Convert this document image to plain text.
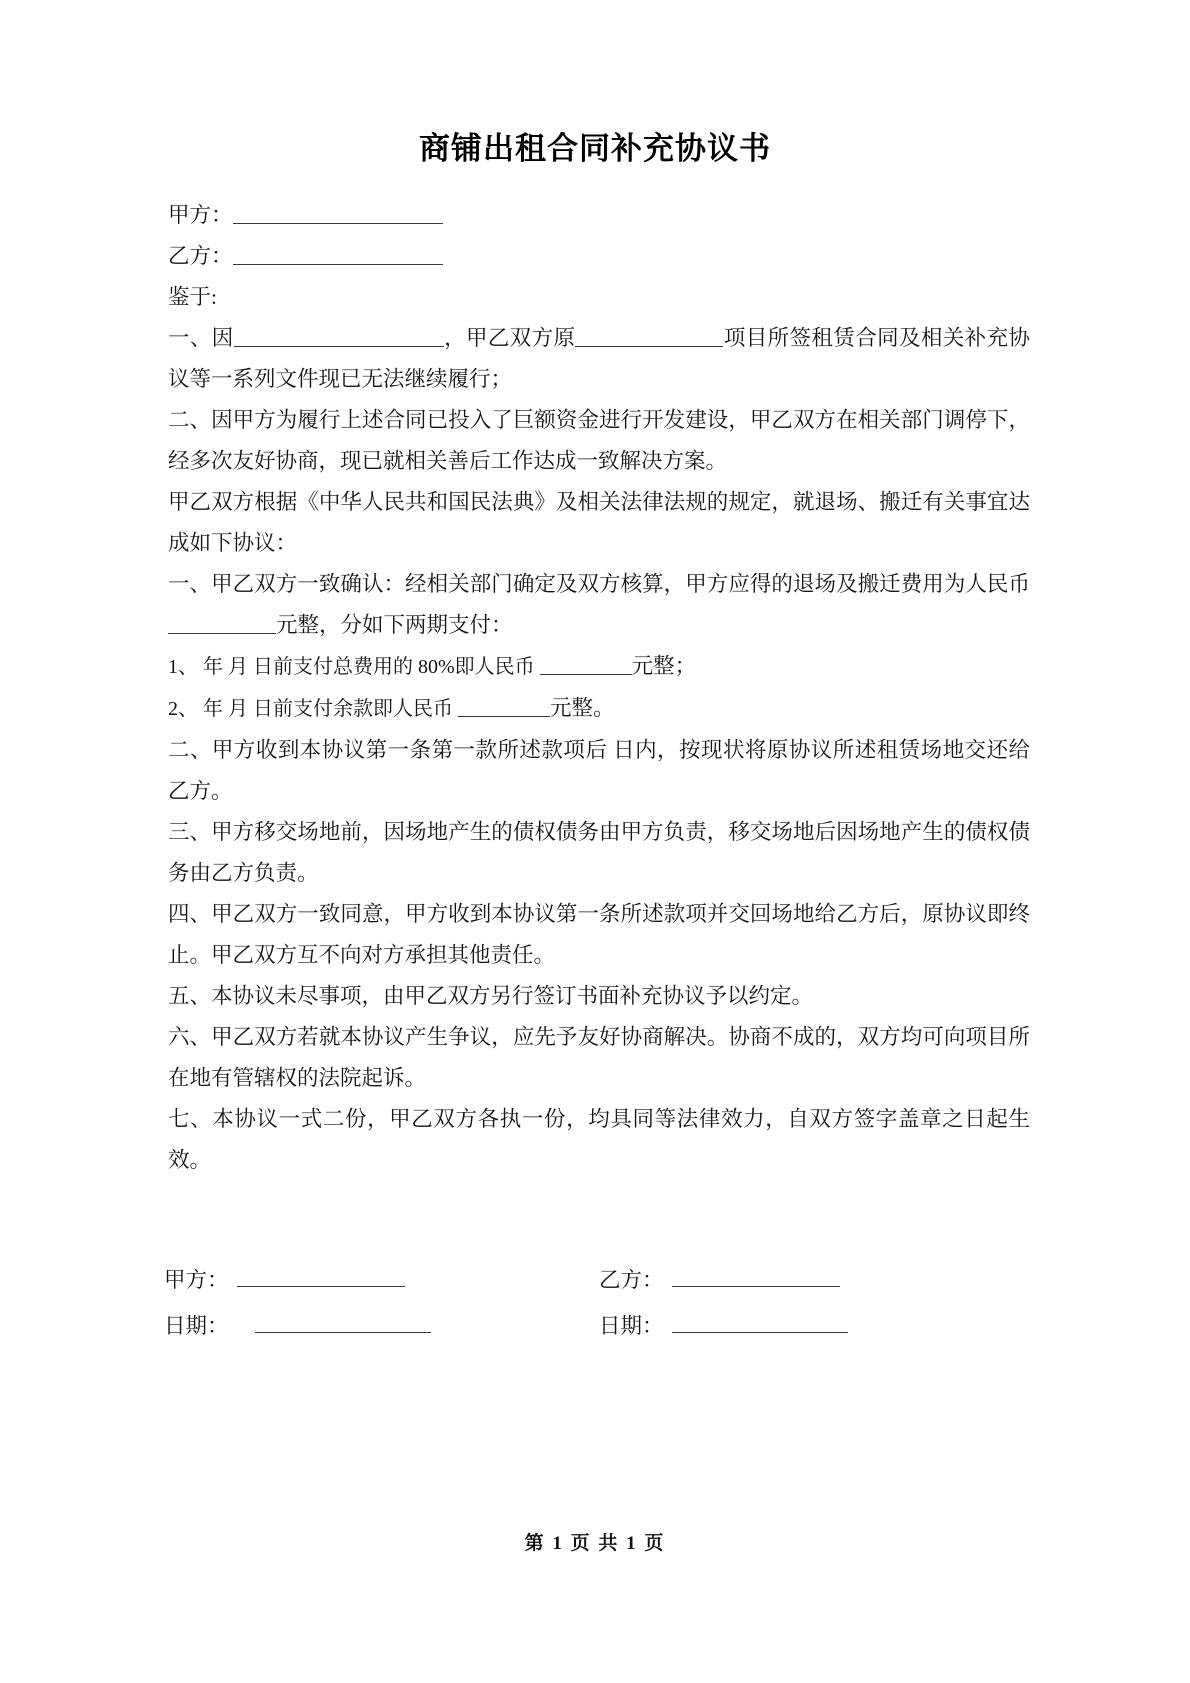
商铺出租合同补充协议书

甲方：

乙方：

鉴于:

一、因	，甲乙双方原	项目所签租赁合同及相关补充协议等一系列文件现已无法继续履行；

二、因甲方为履行上述合同已投入了巨额资金进行开发建设，甲乙双方在相关部门调停下，经多次友好协商，现已就相关善后工作达成一致解决方案。

甲乙双方根据《中华人民共和国民法典》及相关法律法规的规定，就退场、搬迁有关事宜达成如下协议：

一、甲乙双方一致确认：经相关部门确定及双方核算，甲方应得的退场及搬迁费用为人民币元整，分如下两期支付：

1、 年 月 日前支付总费用的 80%即人民币	元整；

2、 年 月 日前支付余款即人民币	元整。

二、甲方收到本协议第一条第一款所述款项后 日内，按现状将原协议所述租赁场地交还给乙方。

三、甲方移交场地前，因场地产生的债权债务由甲方负责，移交场地后因场地产生的债权债务由乙方负责。

四、甲乙双方一致同意，甲方收到本协议第一条所述款项并交回场地给乙方后，原协议即终止。甲乙双方互不向对方承担其他责任。

五、本协议未尽事项，由甲乙双方另行签订书面补充协议予以约定。

六、甲乙双方若就本协议产生争议，应先予友好协商解决。协商不成的，双方均可向项目所在地有管辖权的法院起诉。

七、本协议一式二份，甲乙双方各执一份，均具同等法律效力，自双方签字盖章之日起生效。

甲方：	乙方：
日期：	日期：
第 1 页 共 1 页
